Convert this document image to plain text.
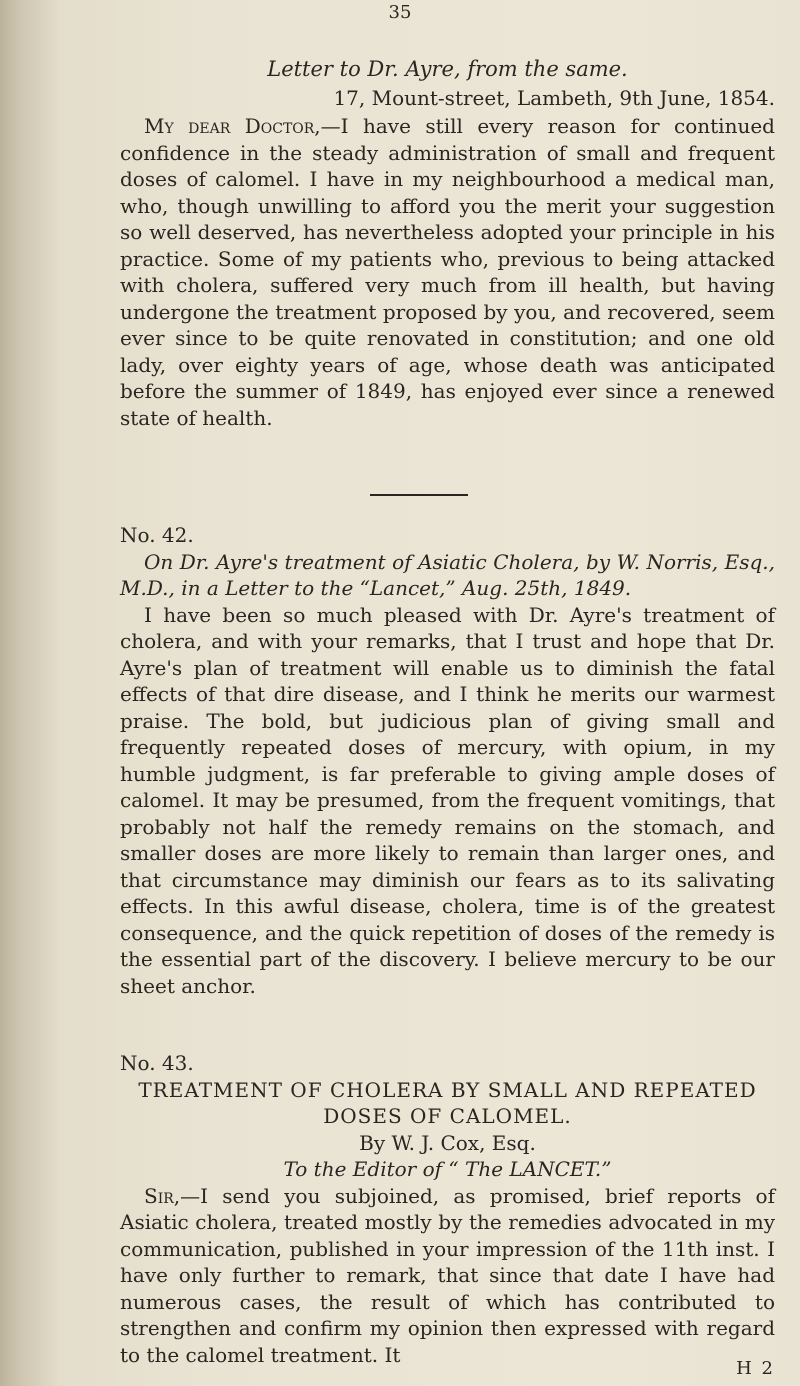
35
Letter to Dr. Ayre, from the same.
17, Mount-street, Lambeth, 9th June, 1854.

My dear Doctor,—I have still every reason for continued confidence in the steady administration of small and frequent doses of calomel. I have in my neighbourhood a medical man, who, though unwilling to afford you the merit your suggestion so well deserved, has nevertheless adopted your principle in his practice. Some of my patients who, previous to being attacked with cholera, suffered very much from ill health, but having undergone the treatment proposed by you, and recovered, seem ever since to be quite renovated in constitution; and one old lady, over eighty years of age, whose death was anticipated before the summer of 1849, has enjoyed ever since a renewed state of health.

No. 42.

On Dr. Ayre's treatment of Asiatic Cholera, by W. Norris, Esq., M.D., in a Letter to the “Lancet,” Aug. 25th, 1849.

I have been so much pleased with Dr. Ayre's treatment of cholera, and with your remarks, that I trust and hope that Dr. Ayre's plan of treatment will enable us to diminish the fatal effects of that dire disease, and I think he merits our warmest praise. The bold, but judicious plan of giving small and frequently repeated doses of mercury, with opium, in my humble judgment, is far preferable to giving ample doses of calomel. It may be presumed, from the frequent vomitings, that probably not half the remedy remains on the stomach, and smaller doses are more likely to remain than larger ones, and that circumstance may diminish our fears as to its salivating effects. In this awful disease, cholera, time is of the greatest consequence, and the quick repetition of doses of the remedy is the essential part of the discovery. I believe mercury to be our sheet anchor.

No. 43.
TREATMENT OF CHOLERA BY SMALL AND REPEATED
DOSES OF CALOMEL.
By W. J. Cox, Esq.
To the Editor of “ The LANCET.”

Sir,—I send you subjoined, as promised, brief reports of Asiatic cholera, treated mostly by the remedies advocated in my communication, published in your impression of the 11th inst. I have only further to remark, that since that date I have had numerous cases, the result of which has contributed to strengthen and confirm my opinion then expressed with regard to the calomel treatment. It

H 2
